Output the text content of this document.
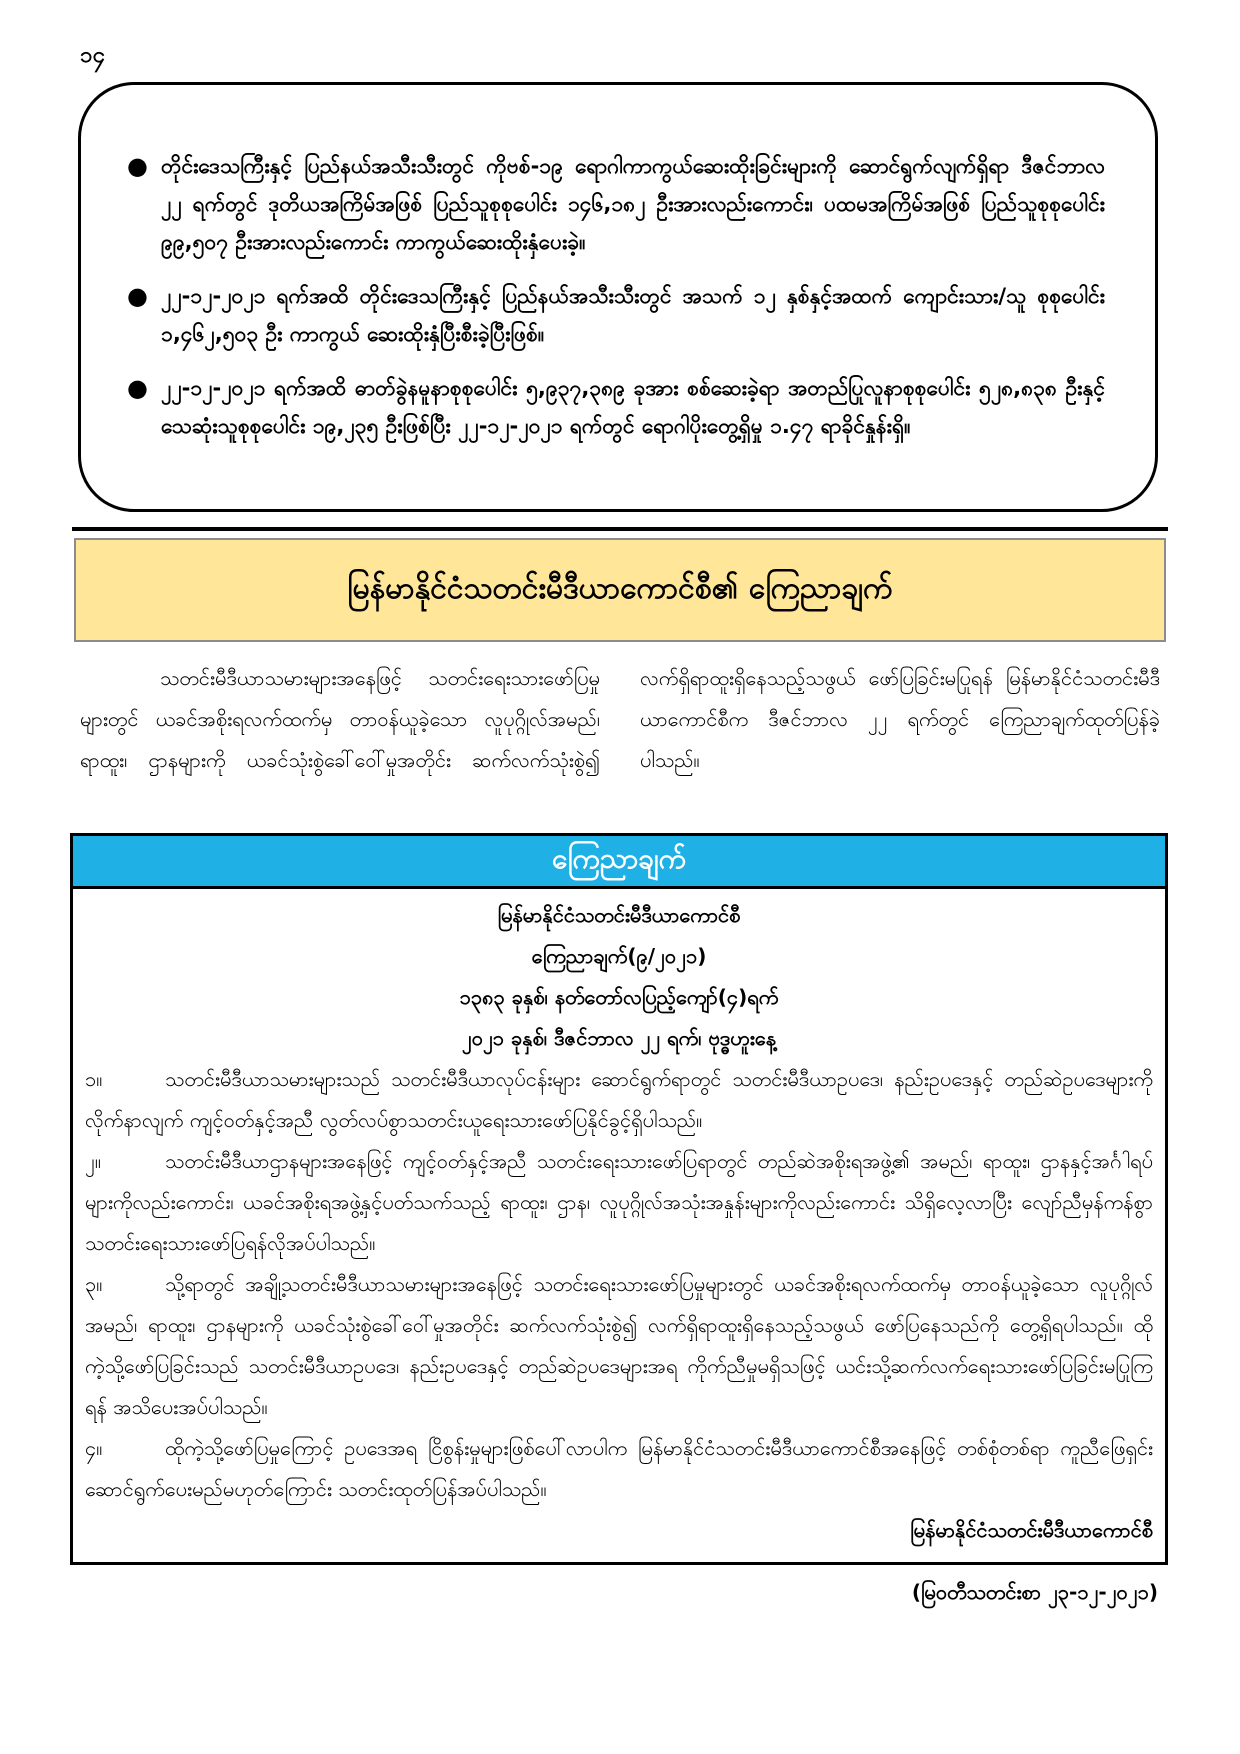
၁၄
● တိုင်းဒေသကြီးနှင့် ပြည်နယ်အသီးသီးတွင် ကိုဗစ်-၁၉ ရောဂါကာကွယ်ဆေးထိုးခြင်းများကို ဆောင်ရွက်လျက်ရှိရာ ဒီဇင်ဘာလ ၂၂ ရက်တွင် ဒုတိယအကြိမ်အဖြစ် ပြည်သူစုစုပေါင်း ၁၄၆,၁၈၂ ဦးအားလည်းကောင်း၊ ပထမအကြိမ်အဖြစ် ပြည်သူစုစုပေါင်း ၉၉,၅၀၇ ဦးအားလည်းကောင်း ကာကွယ်ဆေးထိုးနှံပေးခဲ့။
● ၂၂-၁၂-၂၀၂၁ ရက်အထိ တိုင်းဒေသကြီးနှင့် ပြည်နယ်အသီးသီးတွင် အသက် ၁၂ နှစ်နှင့်အထက် ကျောင်းသား/သူ စုစုပေါင်း ၁,၄၆၂,၅၀၃ ဦး ကာကွယ် ဆေးထိုးနှံပြီးစီးခဲ့ပြီးဖြစ်။
● ၂၂-၁၂-၂၀၂၁ ရက်အထိ ဓာတ်ခွဲနမူနာစုစုပေါင်း ၅,၉၃၇,၃၈၉ ခုအား စစ်ဆေးခဲ့ရာ အတည်ပြုလူနာစုစုပေါင်း ၅၂၈,၈၃၈ ဦးနှင့် သေဆုံးသူစုစုပေါင်း ၁၉,၂၃၅ ဦးဖြစ်ပြီး ၂၂-၁၂-၂၀၂၁ ရက်တွင် ရောဂါပိုးတွေ့ရှိမှု ၁.၄၇ ရာခိုင်နှုန်းရှိ။
မြန်မာနိုင်ငံသတင်းမီဒီယာကောင်စီ၏ ကြေညာချက်

သတင်းမီဒီယာသမားများအနေဖြင့် သတင်းရေးသားဖော်ပြမှုများတွင် ယခင်အစိုးရလက်ထက်မှ တာဝန်ယူခဲ့သော လူပုဂ္ဂိုလ်အမည်၊ ရာထူး၊ ဌာနများကို ယခင်သုံးစွဲခေါ်ဝေါ်မှုအတိုင်း ဆက်လက်သုံးစွဲ၍ လက်ရှိရာထူးရှိနေသည့်သဖွယ် ဖော်ပြခြင်းမပြုရန် မြန်မာနိုင်ငံသတင်းမီဒီယာကောင်စီက ဒီဇင်ဘာလ ၂၂ ရက်တွင် ကြေညာချက်ထုတ်ပြန်ခဲ့ပါသည်။

ကြေညာချက်
မြန်မာနိုင်ငံသတင်းမီဒီယာကောင်စီ
ကြေညာချက်(၉/၂၀၂၁)
၁၃၈၃ ခုနှစ်၊ နတ်တော်လပြည့်ကျော်(၄)ရက်
၂၀၂၁ ခုနှစ်၊ ဒီဇင်ဘာလ ၂၂ ရက်၊ ဗုဒ္ဓဟူးနေ့

၁။	သတင်းမီဒီယာသမားများသည် သတင်းမီဒီယာလုပ်ငန်းများ ဆောင်ရွက်ရာတွင် သတင်းမီဒီယာဥပဒေ၊ နည်းဥပဒေနှင့် တည်ဆဲဥပဒေများကိုလိုက်နာလျက် ကျင့်ဝတ်နှင့်အညီ လွတ်လပ်စွာသတင်းယူရေးသားဖော်ပြနိုင်ခွင့်ရှိပါသည်။

၂။	သတင်းမီဒီယာဌာနများအနေဖြင့် ကျင့်ဝတ်နှင့်အညီ သတင်းရေးသားဖော်ပြရာတွင် တည်ဆဲအစိုးရအဖွဲ့၏ အမည်၊ ရာထူး၊ ဌာနနှင့်အင်္ဂါရပ်များကိုလည်းကောင်း၊ ယခင်အစိုးရအဖွဲ့နှင့်ပတ်သက်သည့် ရာထူး၊ ဌာန၊ လူပုဂ္ဂိုလ်အသုံးအနှုန်းများကိုလည်းကောင်း သိရှိလေ့လာပြီး လျော်ညီမှန်ကန်စွာ သတင်းရေးသားဖော်ပြရန်လိုအပ်ပါသည်။

၃။	သို့ရာတွင် အချို့သတင်းမီဒီယာသမားများအနေဖြင့် သတင်းရေးသားဖော်ပြမှုများတွင် ယခင်အစိုးရလက်ထက်မှ တာဝန်ယူခဲ့သော လူပုဂ္ဂိုလ်အမည်၊ ရာထူး၊ ဌာနများကို ယခင်သုံးစွဲခေါ်ဝေါ်မှုအတိုင်း ဆက်လက်သုံးစွဲ၍ လက်ရှိရာထူးရှိနေသည့်သဖွယ် ဖော်ပြနေသည်ကို တွေ့ရှိရပါသည်။ ထိုကဲ့သို့ဖော်ပြခြင်းသည် သတင်းမီဒီယာဥပဒေ၊ နည်းဥပဒေနှင့် တည်ဆဲဥပဒေများအရ ကိုက်ညီမှုမရှိသဖြင့် ယင်းသို့ဆက်လက်ရေးသားဖော်ပြခြင်းမပြုကြရန် အသိပေးအပ်ပါသည်။

၄။	ထိုကဲ့သို့ဖော်ပြမှုကြောင့် ဥပဒေအရ ငြိစွန်းမှုများဖြစ်ပေါ်လာပါက မြန်မာနိုင်ငံသတင်းမီဒီယာကောင်စီအနေဖြင့် တစ်စုံတစ်ရာ ကူညီဖြေရှင်းဆောင်ရွက်ပေးမည်မဟုတ်ကြောင်း သတင်းထုတ်ပြန်အပ်ပါသည်။

မြန်မာနိုင်ငံသတင်းမီဒီယာကောင်စီ
(မြဝတီသတင်းစာ ၂၃-၁၂-၂၀၂၁)
